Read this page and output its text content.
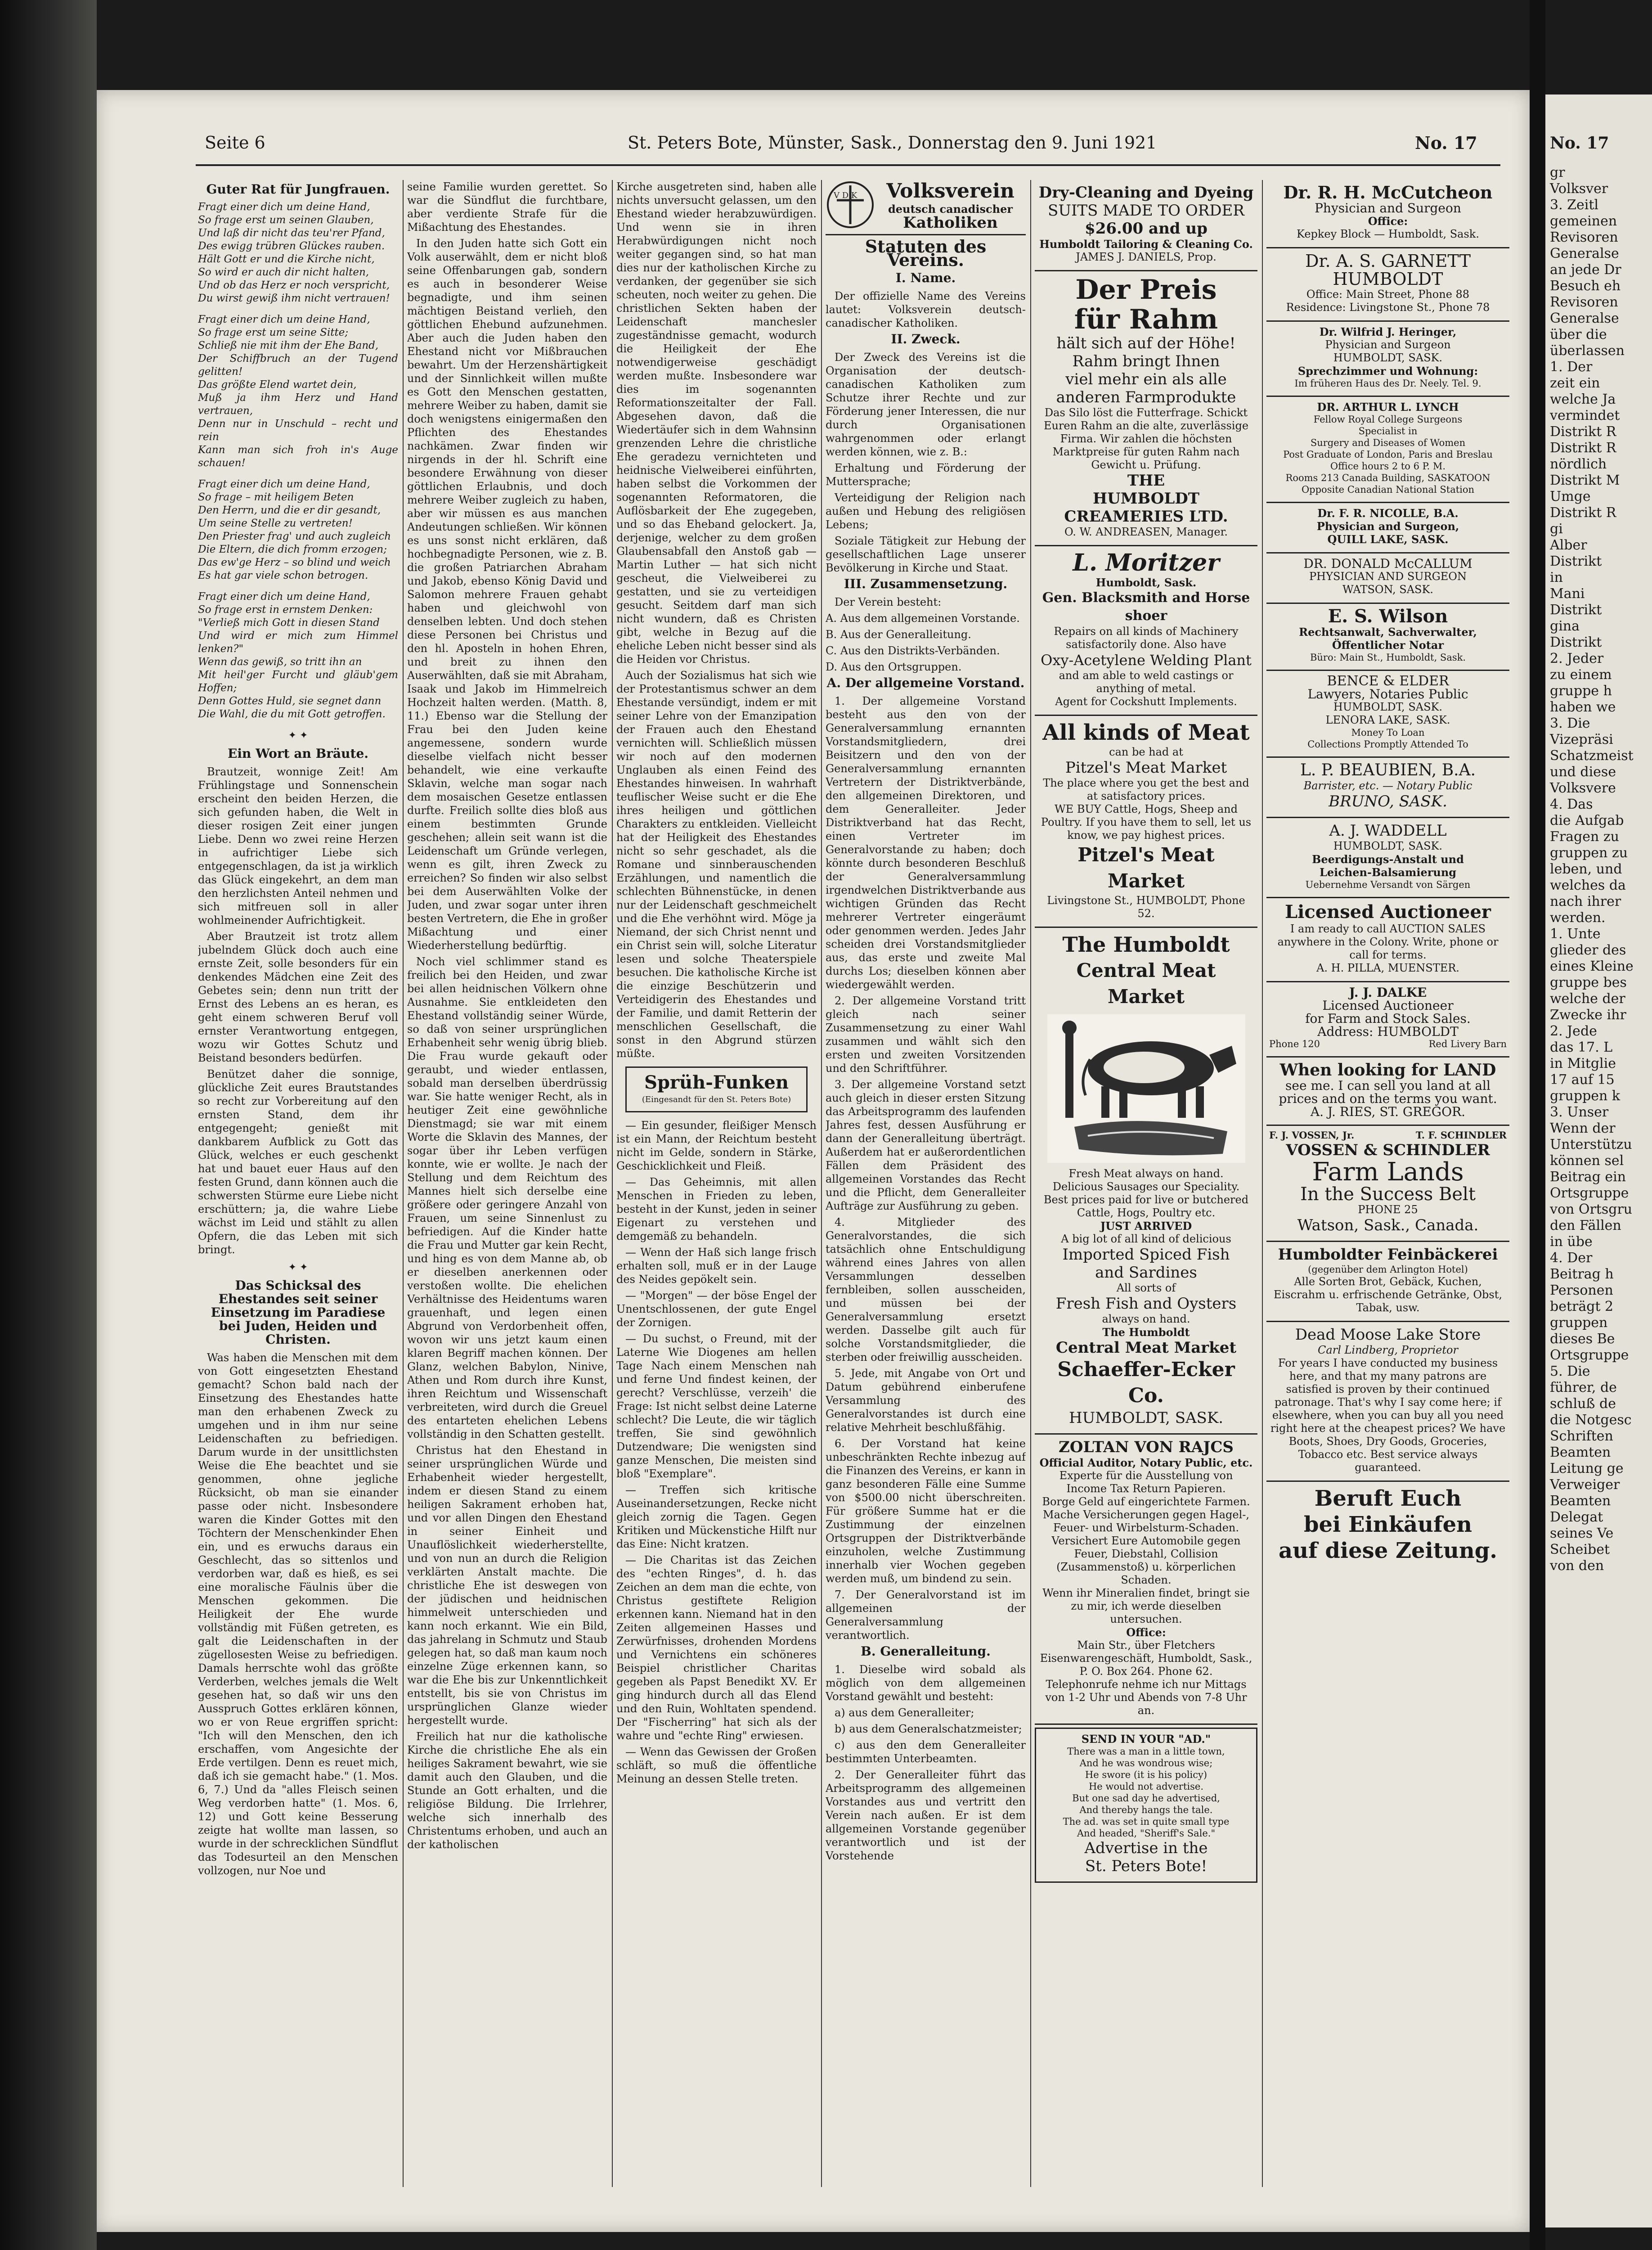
Seite 6	St. Peters Bote, Münster, Sask., Donnerstag den 9. Juni 1921	No. 17
Guter Rat für Jungfrauen.
Fragt einer dich um deine Hand,
So frage erst um seinen Glauben,
Und laß dir nicht das teu'rer Pfand,
Des ewigg trübren Glückes rauben.
Hält Gott er und die Kirche nicht,
So wird er auch dir nicht halten,
Und ob das Herz er noch verspricht,
Du wirst gewiß ihm nicht vertrauen!
Fragt einer dich um deine Hand,
So frage erst um seine Sitte;
Schließ nie mit ihm der Ehe Band,
Der Schiffbruch an der Tugend gelitten!
Das größte Elend wartet dein,
Muß ja ihm Herz und Hand vertrauen,
Denn nur in Unschuld – recht und rein
Kann man sich froh in's Auge schauen!
Fragt einer dich um deine Hand,
So frage – mit heiligem Beten
Den Herrn, und die er dir gesandt,
Um seine Stelle zu vertreten!
Den Priester frag' und auch zugleich
Die Eltern, die dich fromm erzogen;
Das ew'ge Herz – so blind und weich
Es hat gar viele schon betrogen.
Fragt einer dich um deine Hand,
So frage erst in ernstem Denken:
"Verließ mich Gott in diesen Stand
Und wird er mich zum Himmel lenken?"
Wenn das gewiß, so tritt ihn an
Mit heil'ger Furcht und gläub'gem Hoffen;
Denn Gottes Huld, sie segnet dann
Die Wahl, die du mit Gott getroffen.
✦ ✦
Ein Wort an Bräute.

Brautzeit, wonnige Zeit! Am Frühlingstage und Sonnenschein erscheint den beiden Herzen, die sich gefunden haben, die Welt in dieser rosigen Zeit einer jungen Liebe. Denn wo zwei reine Herzen in aufrichtiger Liebe sich entgegenschlagen, da ist ja wirklich das Glück eingekehrt, an dem man den herzlichsten Anteil nehmen und sich mitfreuen soll in aller wohlmeinender Aufrichtigkeit.

Aber Brautzeit ist trotz allem jubelndem Glück doch auch eine ernste Zeit, solle besonders für ein denkendes Mädchen eine Zeit des Gebetes sein; denn nun tritt der Ernst des Lebens an es heran, es geht einem schweren Beruf voll ernster Verantwortung entgegen, wozu wir Gottes Schutz und Beistand besonders bedürfen.

Benützet daher die sonnige, glückliche Zeit eures Brautstandes so recht zur Vorbereitung auf den ernsten Stand, dem ihr entgegengeht; genießt mit dankbarem Aufblick zu Gott das Glück, welches er euch geschenkt hat und bauet euer Haus auf den festen Grund, dann können auch die schwersten Stürme eure Liebe nicht erschüttern; ja, die wahre Liebe wächst im Leid und stählt zu allen Opfern, die das Leben mit sich bringt.

✦ ✦
Das Schicksal des Ehestandes seit seiner Einsetzung im Paradiese bei Juden, Heiden und Christen.

Was haben die Menschen mit dem von Gott eingesetzten Ehestand gemacht? Schon bald nach der Einsetzung des Ehestandes hatte man den erhabenen Zweck zu umgehen und in ihm nur seine Leidenschaften zu befriedigen. Darum wurde in der unsittlichsten Weise die Ehe beachtet und sie genommen, ohne jegliche Rücksicht, ob man sie einander passe oder nicht. Insbesondere waren die Kinder Gottes mit den Töchtern der Menschenkinder Ehen ein, und es erwuchs daraus ein Geschlecht, das so sittenlos und verdorben war, daß es hieß, es sei eine moralische Fäulnis über die Menschen gekommen. Die Heiligkeit der Ehe wurde vollständig mit Füßen getreten, es galt die Leidenschaften in der zügellosesten Weise zu befriedigen. Damals herrschte wohl das größte Verderben, welches jemals die Welt gesehen hat, so daß wir uns den Ausspruch Gottes erklären können, wo er von Reue ergriffen spricht: "Ich will den Menschen, den ich erschaffen, vom Angesichte der Erde vertilgen. Denn es reuet mich, daß ich sie gemacht habe." (1. Mos. 6, 7.) Und da "alles Fleisch seinen Weg verdorben hatte" (1. Mos. 6, 12) und Gott keine Besserung zeigte hat wollte man lassen, so wurde in der schrecklichen Sündflut das Todesurteil an den Menschen vollzogen, nur Noe und

seine Familie wurden gerettet. So war die Sündflut die furchtbare, aber verdiente Strafe für die Mißachtung des Ehestandes.

In den Juden hatte sich Gott ein Volk auserwählt, dem er nicht bloß seine Offenbarungen gab, sondern es auch in besonderer Weise begnadigte, und ihm seinen mächtigen Beistand verlieh, den göttlichen Ehebund aufzunehmen. Aber auch die Juden haben den Ehestand nicht vor Mißbrauchen bewahrt. Um der Herzenshärtigkeit und der Sinnlichkeit willen mußte es Gott den Menschen gestatten, mehrere Weiber zu haben, damit sie doch wenigstens einigermaßen den Pflichten des Ehestandes nachkämen. Zwar finden wir nirgends in der hl. Schrift eine besondere Erwähnung von dieser göttlichen Erlaubnis, und doch mehrere Weiber zugleich zu haben, aber wir müssen es aus manchen Andeutungen schließen. Wir können es uns sonst nicht erklären, daß hochbegnadigte Personen, wie z. B. die großen Patriarchen Abraham und Jakob, ebenso König David und Salomon mehrere Frauen gehabt haben und gleichwohl von denselben lebten. Und doch stehen diese Personen bei Christus und den hl. Aposteln in hohen Ehren, und breit zu ihnen den Auserwählten, daß sie mit Abraham, Isaak und Jakob im Himmelreich Hochzeit halten werden. (Matth. 8, 11.) Ebenso war die Stellung der Frau bei den Juden keine angemessene, sondern wurde dieselbe vielfach nicht besser behandelt, wie eine verkaufte Sklavin, welche man sogar nach dem mosaischen Gesetze entlassen durfte. Freilich sollte dies bloß aus einem bestimmten Grunde geschehen; allein seit wann ist die Leidenschaft um Gründe verlegen, wenn es gilt, ihren Zweck zu erreichen? So finden wir also selbst bei dem Auserwählten Volke der Juden, und zwar sogar unter ihren besten Vertretern, die Ehe in großer Mißachtung und einer Wiederherstellung bedürftig.

Noch viel schlimmer stand es freilich bei den Heiden, und zwar bei allen heidnischen Völkern ohne Ausnahme. Sie entkleideten den Ehestand vollständig seiner Würde, so daß von seiner ursprünglichen Erhabenheit sehr wenig übrig blieb. Die Frau wurde gekauft oder geraubt, und wieder entlassen, sobald man derselben überdrüssig war. Sie hatte weniger Recht, als in heutiger Zeit eine gewöhnliche Dienstmagd; sie war mit einem Worte die Sklavin des Mannes, der sogar über ihr Leben verfügen konnte, wie er wollte. Je nach der Stellung und dem Reichtum des Mannes hielt sich derselbe eine größere oder geringere Anzahl von Frauen, um seine Sinnenlust zu befriedigen. Auf die Kinder hatte die Frau und Mutter gar kein Recht, und hing es von dem Manne ab, ob er dieselben anerkennen oder verstoßen wollte. Die ehelichen Verhältnisse des Heidentums waren grauenhaft, und legen einen Abgrund von Verdorbenheit offen, wovon wir uns jetzt kaum einen klaren Begriff machen können. Der Glanz, welchen Babylon, Ninive, Athen und Rom durch ihre Kunst, ihren Reichtum und Wissenschaft verbreiteten, wird durch die Greuel des entarteten ehelichen Lebens vollständig in den Schatten gestellt.

Christus hat den Ehestand in seiner ursprünglichen Würde und Erhabenheit wieder hergestellt, indem er diesen Stand zu einem heiligen Sakrament erhoben hat, und vor allen Dingen den Ehestand in seiner Einheit und Unauflöslichkeit wiederherstellte, und von nun an durch die Religion verklärten Anstalt machte. Die christliche Ehe ist deswegen von der jüdischen und heidnischen himmelweit unterschieden und kann noch erkannt. Wie ein Bild, das jahrelang in Schmutz und Staub gelegen hat, so daß man kaum noch einzelne Züge erkennen kann, so war die Ehe bis zur Unkenntlichkeit entstellt, bis sie von Christus im ursprünglichen Glanze wieder hergestellt wurde.

Freilich hat nur die katholische Kirche die christliche Ehe als ein heiliges Sakrament bewahrt, wie sie damit auch den Glauben, und die Stunde an Gott erhalten, und die religiöse Bildung. Die Irrlehrer, welche sich innerhalb des Christentums erhoben, und auch an der katholischen

Kirche ausgetreten sind, haben alle nichts unversucht gelassen, um den Ehestand wieder herabzuwürdigen. Und wenn sie in ihren Herabwürdigungen nicht noch weiter gegangen sind, so hat man dies nur der katholischen Kirche zu verdanken, der gegenüber sie sich scheuten, noch weiter zu gehen. Die christlichen Sekten haben der Leidenschaft manchesler zugeständnisse gemacht, wodurch die Heiligkeit der Ehe notwendigerweise geschädigt werden mußte. Insbesondere war dies im sogenannten Reformationszeitalter der Fall. Abgesehen davon, daß die Wiedertäufer sich in dem Wahnsinn grenzenden Lehre die christliche Ehe geradezu vernichteten und heidnische Vielweiberei einführten, haben selbst die Vorkommen der sogenannten Reformatoren, die Auflösbarkeit der Ehe zugegeben, und so das Eheband gelockert. Ja, derjenige, welcher zu dem großen Glaubensabfall den Anstoß gab — Martin Luther — hat sich nicht gescheut, die Vielweiberei zu gestatten, und sie zu verteidigen gesucht. Seitdem darf man sich nicht wundern, daß es Christen gibt, welche in Bezug auf die eheliche Leben nicht besser sind als die Heiden vor Christus.

Auch der Sozialismus hat sich wie der Protestantismus schwer an dem Ehestande versündigt, indem er mit seiner Lehre von der Emanzipation der Frauen auch den Ehestand vernichten will. Schließlich müssen wir noch auf den modernen Unglauben als einen Feind des Ehestandes hinweisen. In wahrhaft teuflischer Weise sucht er die Ehe ihres heiligen und göttlichen Charakters zu entkleiden. Vielleicht hat der Heiligkeit des Ehestandes nicht so sehr geschadet, als die Romane und sinnberauschenden Erzählungen, und namentlich die schlechten Bühnenstücke, in denen nur der Leidenschaft geschmeichelt und die Ehe verhöhnt wird. Möge ja Niemand, der sich Christ nennt und ein Christ sein will, solche Literatur lesen und solche Theaterspiele besuchen. Die katholische Kirche ist die einzige Beschützerin und Verteidigerin des Ehestandes und der Familie, und damit Retterin der menschlichen Gesellschaft, die sonst in den Abgrund stürzen müßte.

Sprüh-Funken
(Eingesandt für den St. Peters Bote)

— Ein gesunder, fleißiger Mensch ist ein Mann, der Reichtum besteht nicht im Gelde, sondern in Stärke, Geschicklichkeit und Fleiß.

— Das Geheimnis, mit allen Menschen in Frieden zu leben, besteht in der Kunst, jeden in seiner Eigenart zu verstehen und demgemäß zu behandeln.

— Wenn der Haß sich lange frisch erhalten soll, muß er in der Lauge des Neides gepökelt sein.

— "Morgen" — der böse Engel der Unentschlossenen, der gute Engel der Zornigen.

— Du suchst, o Freund, mit der Laterne Wie Diogenes am hellen Tage Nach einem Menschen nah und ferne Und findest keinen, der gerecht? Verschlüsse, verzeih' die Frage: Ist nicht selbst deine Laterne schlecht? Die Leute, die wir täglich treffen, Sie sind gewöhnlich Dutzendware; Die wenigsten sind ganze Menschen, Die meisten sind bloß "Exemplare".

— Treffen sich kritische Auseinandersetzungen, Recke nicht gleich zornig die Tagen. Gegen Kritiken und Mückenstiche Hilft nur das Eine: Nicht kratzen.

— Die Charitas ist das Zeichen des "echten Ringes", d. h. das Zeichen an dem man die echte, von Christus gestiftete Religion erkennen kann. Niemand hat in den Zeiten allgemeinen Hasses und Zerwürfnisses, drohenden Mordens und Vernichtens ein schöneres Beispiel christlicher Charitas gegeben als Papst Benedikt XV. Er ging hindurch durch all das Elend und den Ruin, Wohltaten spendend. Der "Fischerring" hat sich als der wahre und "echte Ring" erwiesen.

— Wenn das Gewissen der Großen schläft, so muß die öffentliche Meinung an dessen Stelle treten.

V D K	Volksverein
deutsch canadischer
Katholiken
Statuten des Vereins.
I. Name.

Der offizielle Name des Vereins lautet: Volksverein deutsch-canadischer Katholiken.

II. Zweck.

Der Zweck des Vereins ist die Organisation der deutsch-canadischen Katholiken zum Schutze ihrer Rechte und zur Förderung jener Interessen, die nur durch Organisationen wahrgenommen oder erlangt werden können, wie z. B.:

Erhaltung und Förderung der Muttersprache;

Verteidigung der Religion nach außen und Hebung des religiösen Lebens;

Soziale Tätigkeit zur Hebung der gesellschaftlichen Lage unserer Bevölkerung in Kirche und Staat.

III. Zusammensetzung.

Der Verein besteht:

A. Aus dem allgemeinen Vorstande.

B. Aus der Generalleitung.

C. Aus den Distrikts-Verbänden.

D. Aus den Ortsgruppen.

A. Der allgemeine Vorstand.

1. Der allgemeine Vorstand besteht aus den von der Generalversammlung ernannten Vorstandsmitgliedern, drei Beisitzern und den von der Generalversammlung ernannten Vertretern der Distriktverbände, den allgemeinen Direktoren, und dem Generalleiter. Jeder Distriktverband hat das Recht, einen Vertreter im Generalvorstande zu haben; doch könnte durch besonderen Beschluß der Generalversammlung irgendwelchen Distriktverbande aus wichtigen Gründen das Recht mehrerer Vertreter eingeräumt oder genommen werden. Jedes Jahr scheiden drei Vorstandsmitglieder aus, das erste und zweite Mal durchs Los; dieselben können aber wiedergewählt werden.

2. Der allgemeine Vorstand tritt gleich nach seiner Zusammensetzung zu einer Wahl zusammen und wählt sich den ersten und zweiten Vorsitzenden und den Schriftführer.

3. Der allgemeine Vorstand setzt auch gleich in dieser ersten Sitzung das Arbeitsprogramm des laufenden Jahres fest, dessen Ausführung er dann der Generalleitung überträgt. Außerdem hat er außerordentlichen Fällen dem Präsident des allgemeinen Vorstandes das Recht und die Pflicht, dem Generalleiter Aufträge zur Ausführung zu geben.

4. Mitglieder des Generalvorstandes, die sich tatsächlich ohne Entschuldigung während eines Jahres von allen Versammlungen desselben fernbleiben, sollen ausscheiden, und müssen bei der Generalversammlung ersetzt werden. Dasselbe gilt auch für solche Vorstandsmitglieder, die sterben oder freiwillig ausscheiden.

5. Jede, mit Angabe von Ort und Datum gebührend einberufene Versammlung des Generalvorstandes ist durch eine relative Mehrheit beschlußfähig.

6. Der Vorstand hat keine unbeschränkten Rechte inbezug auf die Finanzen des Vereins, er kann in ganz besonderen Fälle eine Summe von $500.00 nicht überschreiten. Für größere Summe hat er die Zustimmung der einzelnen Ortsgruppen der Distriktverbände einzuholen, welche Zustimmung innerhalb vier Wochen gegeben werden muß, um bindend zu sein.

7. Der Generalvorstand ist im allgemeinen der Generalversammlung verantwortlich.

B. Generalleitung.

1. Dieselbe wird sobald als möglich von dem allgemeinen Vorstand gewählt und besteht:

a) aus dem Generalleiter;

b) aus dem Generalschatzmeister;

c) aus den dem Generalleiter bestimmten Unterbeamten.

2. Der Generalleiter führt das Arbeitsprogramm des allgemeinen Vorstandes aus und vertritt den Verein nach außen. Er ist dem allgemeinen Vorstande gegenüber verantwortlich und ist der Vorstehende

Dry-Cleaning and Dyeing
SUITS MADE TO ORDER
$26.00 and up
Humboldt Tailoring & Cleaning Co.
JAMES J. DANIELS, Prop.
Der Preis
für Rahm
hält sich auf der Höhe!
Rahm bringt Ihnen
viel mehr ein als alle
anderen Farmprodukte
Das Silo löst die Futterfrage. Schickt Euren Rahm an die alte, zuverlässige Firma. Wir zahlen die höchsten Marktpreise für guten Rahm nach Gewicht u. Prüfung.
THE
HUMBOLDT CREAMERIES LTD.
O. W. ANDREASEN, Manager.
L. Moritzer
Humboldt, Sask.
Gen. Blacksmith and Horse shoer
Repairs on all kinds of Machinery satisfactorily done. Also have
Oxy-Acetylene Welding Plant
and am able to weld castings or anything of metal.
Agent for Cockshutt Implements.
All kinds of Meat
can be had at
Pitzel's Meat Market
The place where you get the best and at satisfactory prices.
WE BUY Cattle, Hogs, Sheep and Poultry. If you have them to sell, let us know, we pay highest prices.
Pitzel's Meat Market
Livingstone St., HUMBOLDT, Phone 52.
The Humboldt
Central Meat Market
Fresh Meat always on hand.
Delicious Sausages our Speciality.
Best prices paid for live or butchered Cattle, Hogs, Poultry etc.
JUST ARRIVED
A big lot of all kind of delicious
Imported Spiced Fish
and Sardines
All sorts of
Fresh Fish and Oysters
always on hand.
The Humboldt
Central Meat Market
Schaeffer-Ecker Co.
HUMBOLDT, SASK.
ZOLTAN VON RAJCS
Official Auditor, Notary Public, etc.
Experte für die Ausstellung von Income Tax Return Papieren.
Borge Geld auf eingerichtete Farmen. Mache Versicherungen gegen Hagel-, Feuer- und Wirbelsturm-Schaden. Versichert Eure Automobile gegen Feuer, Diebstahl, Collision (Zusammenstoß) u. körperlichen Schaden.
Wenn ihr Mineralien findet, bringt sie zu mir, ich werde dieselben untersuchen.
Office:
Main Str., über Fletchers Eisenwarengeschäft, Humboldt, Sask., P. O. Box 264. Phone 62.
Telephonrufe nehme ich nur Mittags von 1-2 Uhr und Abends von 7-8 Uhr an.
SEND IN YOUR "AD."
There was a man in a little town,
And he was wondrous wise;
He swore (it is his policy)
He would not advertise.
But one sad day he advertised,
And thereby hangs the tale.
The ad. was set in quite small type
And headed, "Sheriff's Sale."
Advertise in the
St. Peters Bote!
Dr. R. H. McCutcheon
Physician and Surgeon
Office:
Kepkey Block — Humboldt, Sask.
Dr. A. S. GARNETT
HUMBOLDT
Office: Main Street, Phone 88
Residence: Livingstone St., Phone 78
Dr. Wilfrid J. Heringer,
Physician and Surgeon
HUMBOLDT, SASK.
Sprechzimmer und Wohnung:
Im früheren Haus des Dr. Neely. Tel. 9.
DR. ARTHUR L. LYNCH
Fellow Royal College Surgeons
Specialist in
Surgery and Diseases of Women
Post Graduate of London, Paris and Breslau
Office hours 2 to 6 P. M.
Rooms 213 Canada Building, SASKATOON
Opposite Canadian National Station
Dr. F. R. NICOLLE, B.A.
Physician and Surgeon,
QUILL LAKE, SASK.
DR. DONALD McCALLUM
PHYSICIAN AND SURGEON
WATSON, SASK.
E. S. Wilson
Rechtsanwalt, Sachverwalter,
Öffentlicher Notar
Büro: Main St., Humboldt, Sask.
BENCE & ELDER
Lawyers, Notaries Public
HUMBOLDT, SASK.
LENORA LAKE, SASK.
Money To Loan
Collections Promptly Attended To
L. P. BEAUBIEN, B.A.
Barrister, etc. — Notary Public
BRUNO, SASK.
A. J. WADDELL
HUMBOLDT, SASK.
Beerdigungs-Anstalt und
Leichen-Balsamierung
Uebernehme Versandt von Särgen
Licensed Auctioneer
I am ready to call AUCTION SALES anywhere in the Colony. Write, phone or call for terms.
A. H. PILLA, MUENSTER.
J. J. DALKE
Licensed Auctioneer
for Farm and Stock Sales.
Address: HUMBOLDT
Phone 120	Red Livery Barn
When looking for LAND
see me. I can sell you land at all prices and on the terms you want.
A. J. RIES, ST. GREGOR.
F. J. VOSSEN, Jr.	T. F. SCHINDLER
VOSSEN & SCHINDLER
Farm Lands
In the Success Belt
PHONE 25
Watson, Sask., Canada.
Humboldter Feinbäckerei
(gegenüber dem Arlington Hotel)
Alle Sorten Brot, Gebäck, Kuchen, Eiscrahm u. erfrischende Getränke, Obst, Tabak, usw.
Dead Moose Lake Store
Carl Lindberg, Proprietor
For years I have conducted my business here, and that my many patrons are satisfied is proven by their continued patronage. That's why I say come here; if elsewhere, when you can buy all you need right here at the cheapest prices? We have Boots, Shoes, Dry Goods, Groceries, Tobacco etc. Best service always guaranteed.
Beruft Euch
bei Einkäufen
auf diese Zeitung.
No. 17
gr
Volksver
3. Zeitl
gemeinen
Revisoren
Generalse
an jede Dr
Besuch eh
Revisoren
Generalse
über die
überlassen
1. Der
zeit ein
welche Ja
vermindet
Distrikt R
Distrikt R
nördlich
Distrikt M
Umge
Distrikt R
gi
Alber
Distrikt
in
Mani
Distrikt
gina
Distrikt
2. Jeder
zu einem
gruppe h
haben we
3. Die
Vizepräsi
Schatzmeist
und diese
Volksvere
4. Das
die Aufgab
Fragen zu
gruppen zu
leben, und
welches da
nach ihrer
werden.
1. Unte
glieder des
eines Kleine
gruppe bes
welche der
Zwecke ihr
2. Jede
das 17. L
in Mitglie
17 auf 15
gruppen k
3. Unser
Wenn der
Unterstützu
können sel
Beitrag ein
Ortsgruppe
von Ortsgru
den Fällen
in übe
4. Der
Beitrag h
Personen
beträgt 2
gruppen
dieses Be
Ortsgruppe
5. Die
führer, de
schluß de
die Notgesc
Schriften
Beamten
Leitung ge
Verweiger
Beamten
Delegat
seines Ve
Scheibet
von den
